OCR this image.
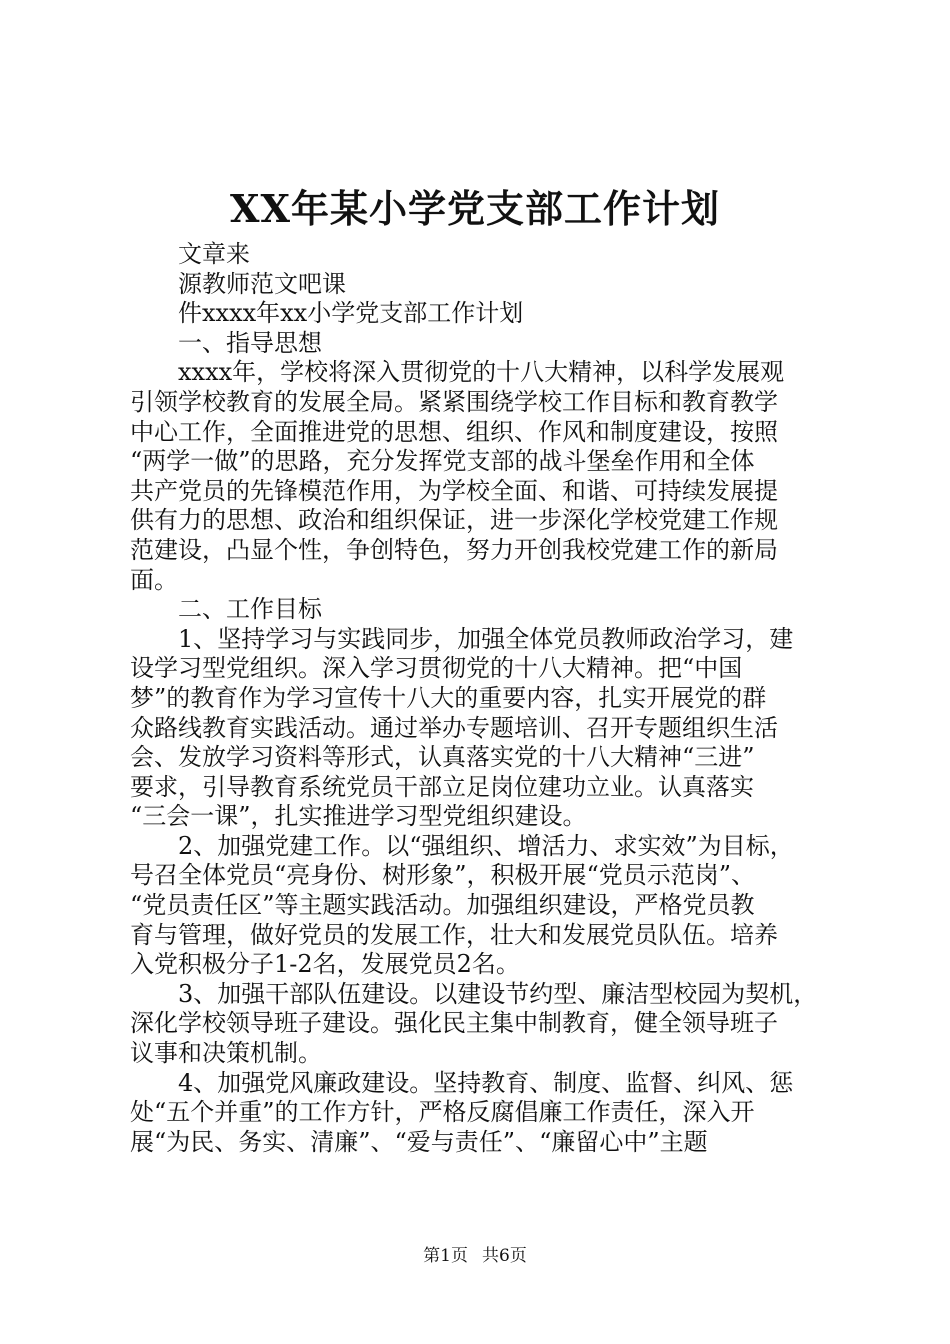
XX年某小学党支部工作计划
文章来
源教师范文吧课
件xxxx年xx小学党支部工作计划
一、指导思想
xxxx年，学校将深入贯彻党的十八大精神，以科学发展观
引领学校教育的发展全局。紧紧围绕学校工作目标和教育教学
中心工作，全面推进党的思想、组织、作风和制度建设，按照
“两学一做”的思路，充分发挥党支部的战斗堡垒作用和全体
共产党员的先锋模范作用，为学校全面、和谐、可持续发展提
供有力的思想、政治和组织保证，进一步深化学校党建工作规
范建设，凸显个性，争创特色，努力开创我校党建工作的新局
面。
二、工作目标
1、坚持学习与实践同步，加强全体党员教师政治学习，建
设学习型党组织。深入学习贯彻党的十八大精神。把“中国
梦”的教育作为学习宣传十八大的重要内容，扎实开展党的群
众路线教育实践活动。通过举办专题培训、召开专题组织生活
会、发放学习资料等形式，认真落实党的十八大精神“三进”
要求，引导教育系统党员干部立足岗位建功立业。认真落实
“三会一课”，扎实推进学习型党组织建设。
2、加强党建工作。以“强组织、增活力、求实效”为目标，
号召全体党员“亮身份、树形象”，积极开展“党员示范岗”、
“党员责任区”等主题实践活动。加强组织建设，严格党员教
育与管理，做好党员的发展工作，壮大和发展党员队伍。培养
入党积极分子1-2名，发展党员2名。
3、加强干部队伍建设。以建设节约型、廉洁型校园为契机，
深化学校领导班子建设。强化民主集中制教育，健全领导班子
议事和决策机制。
4、加强党风廉政建设。坚持教育、制度、监督、纠风、惩
处“五个并重”的工作方针，严格反腐倡廉工作责任，深入开
展“为民、务实、清廉”、“爱与责任”、“廉留心中”主题
第1页 共6页
